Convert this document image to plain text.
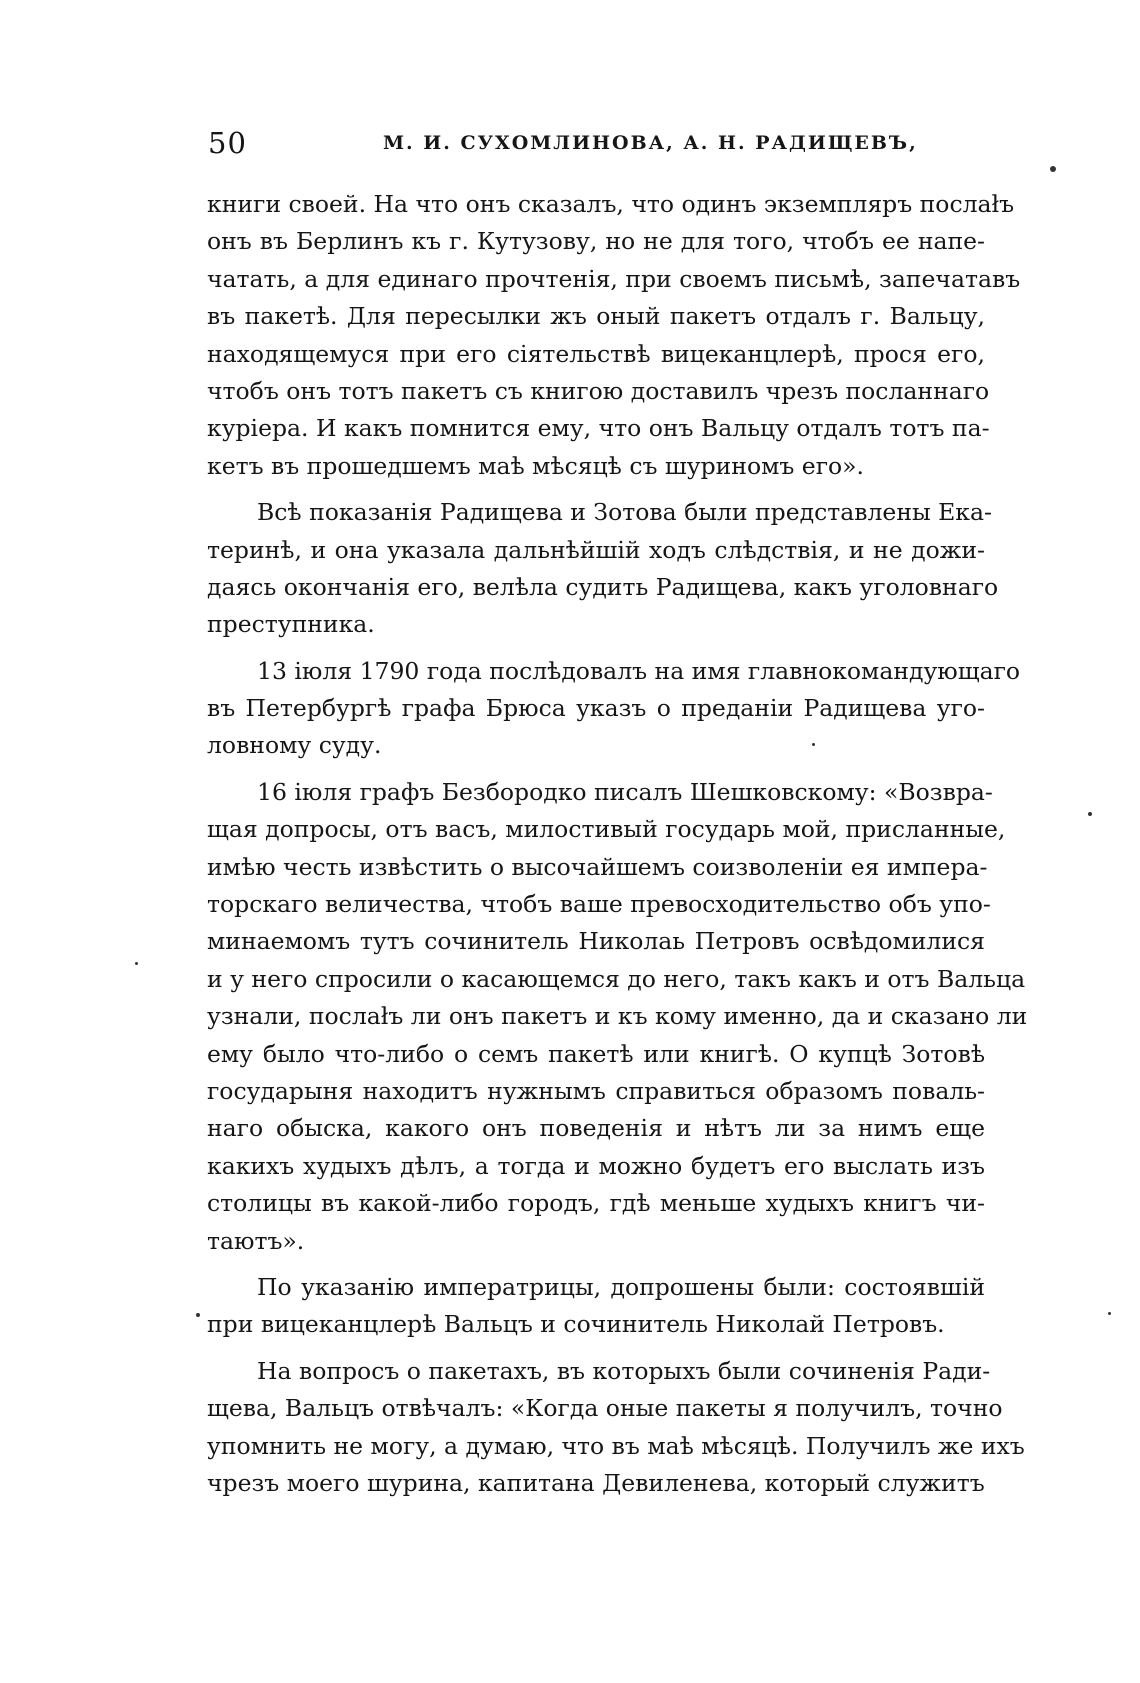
50	М. И. СУХОМЛИНОВА, А. Н. РАДИЩЕВЪ,
книги своей. На что онъ сказалъ, что одинъ экземпляръ послаłъ
онъ въ Берлинъ къ г. Кутузову, но не для того, чтобъ ее напе-
чатать, а для единаго прочтенія, при своемъ письмѣ, запечатавъ
въ пакетѣ. Для пересылки жъ оный пакетъ отдалъ г. Вальцу,
находящемуся при его сіятельствѣ вицеканцлерѣ, прося его,
чтобъ онъ тотъ пакетъ съ книгою доставилъ чрезъ посланнаго
куріера. И какъ помнится ему, что онъ Вальцу отдалъ тотъ па-
кетъ въ прошедшемъ маѣ мѣсяцѣ съ шуриномъ его».
Всѣ показанія Радищева и Зотова были представлены Ека-
теринѣ, и она указала дальнѣйшій ходъ слѣдствія, и не дожи-
даясь окончанія его, велѣла судить Радищева, какъ уголовнаго
преступника.
13 іюля 1790 года послѣдовалъ на имя главнокомандующаго
въ Петербургѣ графа Брюса указъ о преданіи Радищева уго-
ловному суду.
16 іюля графъ Безбородко писалъ Шешковскому: «Возвра-
щая допросы, отъ васъ, милостивый государь мой, присланные,
имѣю честь извѣстить о высочайшемъ соизволеніи ея импера-
торскаго величества, чтобъ ваше превосходительство объ упо-
минаемомъ тутъ сочинитель Николаь Петровъ освѣдомилися
и у него спросили о касающемся до него, такъ какъ и отъ Вальца
узнали, послаłъ ли онъ пакетъ и къ кому именно, да и сказано ли
ему было что-либо о семъ пакетѣ или книгѣ. О купцѣ Зотовѣ
государыня находитъ нужнымъ справиться образомъ поваль-
наго обыска, какого онъ поведенія и нѣтъ ли за нимъ еще
какихъ худыхъ дѣлъ, а тогда и можно будетъ его выслать изъ
столицы въ какой-либо городъ, гдѣ меньше худыхъ книгъ чи-
таютъ».
По указанію императрицы, допрошены были: состоявшій
при вицеканцлерѣ Вальцъ и сочинитель Николай Петровъ.
На вопросъ о пакетахъ, въ которыхъ были сочиненія Ради-
щева, Вальцъ отвѣчалъ: «Когда оные пакеты я получилъ, точно
упомнить не могу, а думаю, что въ маѣ мѣсяцѣ. Получилъ же ихъ
чрезъ моего шурина, капитана Девиленева, который служитъ
